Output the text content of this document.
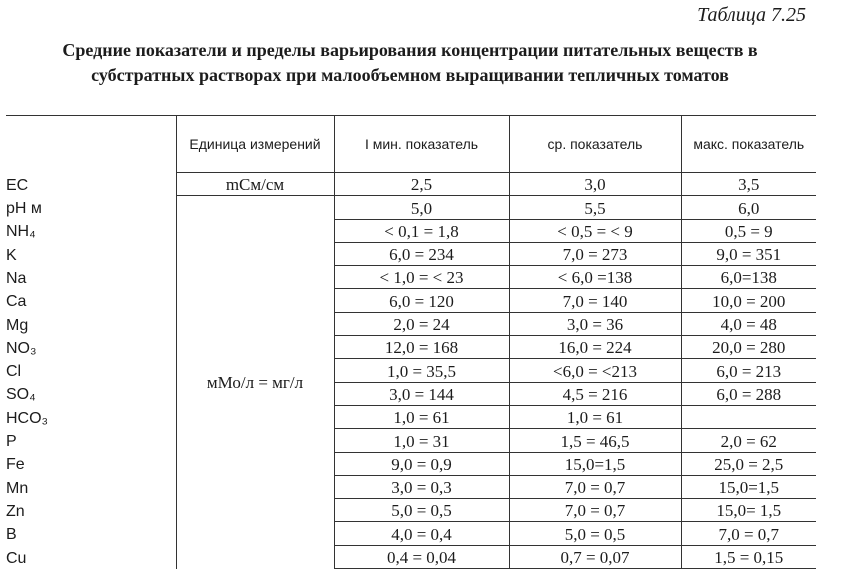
Таблица 7.25
Средние показатели и пределы варьирования концентрации питательных веществ в субстратных растворах при малообъемном выращивании тепличных томатов
	Единица измерений	I мин. показатель	ср. показатель	макс. показатель
EC	mСм/см	2,5	3,0	3,5
pH м	мМо/л = мг/л	5,0	5,5	6,0
NH₄		< 0,1 = 1,8	< 0,5 = < 9	0,5 = 9
K		6,0 = 234	7,0 = 273	9,0 = 351
Na		< 1,0 = < 23	< 6,0 =138	6,0=138
Ca		6,0 = 120	7,0 = 140	10,0 = 200
Mg		2,0 = 24	3,0 = 36	4,0 = 48
NO₃		12,0 = 168	16,0 = 224	20,0 = 280
Cl		1,0 = 35,5	<6,0 = <213	6,0 = 213
SO₄		3,0 = 144	4,5 = 216	6,0 = 288
HCO₃		1,0 = 61	1,0 = 61	
P		1,0 = 31	1,5 = 46,5	2,0 = 62
Fe		9,0 = 0,9	15,0=1,5	25,0 = 2,5
Mn		3,0 = 0,3	7,0 = 0,7	15,0=1,5
Zn		5,0 = 0,5	7,0 = 0,7	15,0= 1,5
B		4,0 = 0,4	5,0 = 0,5	7,0 = 0,7
Cu		0,4 = 0,04	0,7 = 0,07	1,5 = 0,15
